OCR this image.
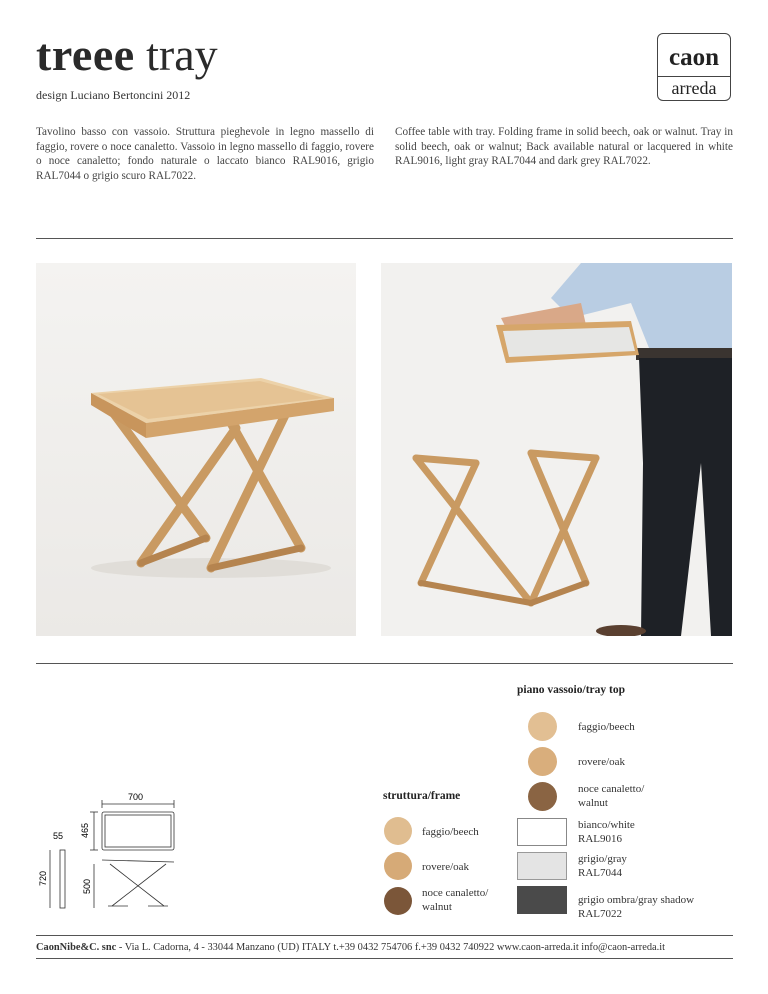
treee tray
design Luciano Bertoncini 2012
caon
arreda
Tavolino basso con vassoio. Struttura pieghevole in legno massello di faggio, rovere o noce canaletto. Vassoio in legno massello di faggio, rovere o noce canaletto; fondo naturale o laccato bianco RAL9016, grigio RAL7044 o grigio scuro RAL7022.
Coffee table with tray. Folding frame in solid beech, oak or walnut. Tray in solid beech, oak or walnut; Back available natural or lacquered in white RAL9016, light gray RAL7044 and dark grey RAL7022.
piano vassoio/tray top
faggio/beech
rovere/oak
noce canaletto/
walnut
bianco/white
RAL9016
grigio/gray
RAL7044
grigio ombra/gray shadow
RAL7022
struttura/frame
faggio/beech
rovere/oak
noce canaletto/
walnut
700
465
55
720
500
CaonNibe&C. snc - Via L. Cadorna, 4 - 33044 Manzano (UD) ITALY t.+39 0432 754706 f.+39 0432 740922 www.caon-arreda.it info@caon-arreda.it
